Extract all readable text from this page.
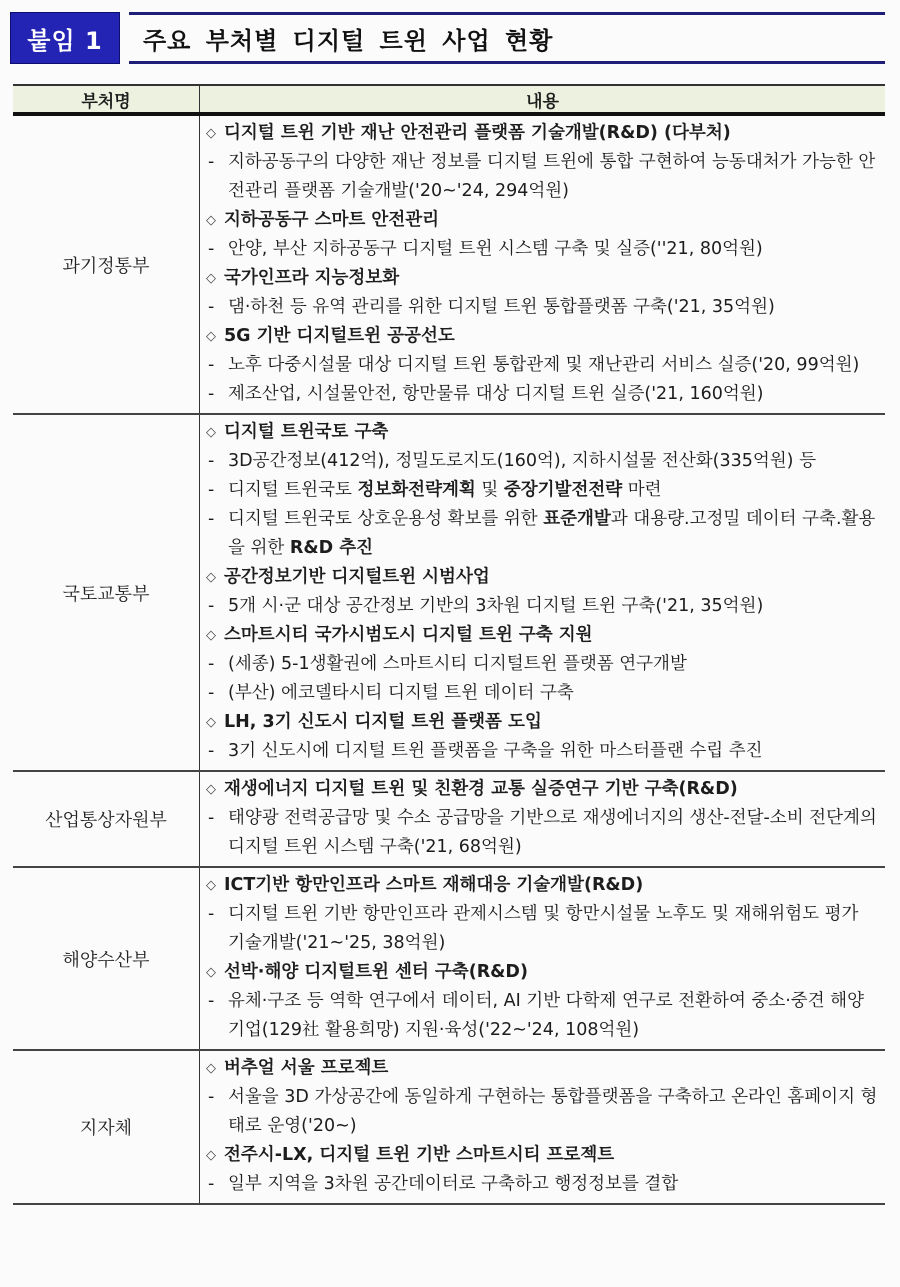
붙임 1	주요 부처별 디지털 트윈 사업 현황
부처명	내용
과기정통부	
◇ 디지털 트윈 기반 재난 안전관리 플랫폼 기술개발(R&D) (다부처)
- 지하공동구의 다양한 재난 정보를 디지털 트윈에 통합 구현하여 능동대처가 가능한 안전관리 플랫폼 기술개발('20~'24, 294억원)
◇ 지하공동구 스마트 안전관리
- 안양, 부산 지하공동구 디지털 트윈 시스템 구축 및 실증(''21, 80억원)
◇ 국가인프라 지능정보화
- 댐·하천 등 유역 관리를 위한 디지털 트윈 통합플랫폼 구축('21, 35억원)
◇ 5G 기반 디지털트윈 공공선도
- 노후 다중시설물 대상 디지털 트윈 통합관제 및 재난관리 서비스 실증('20, 99억원)
- 제조산업, 시설물안전, 항만물류 대상 디지털 트윈 실증('21, 160억원)

국토교통부	
◇ 디지털 트윈국토 구축
- 3D공간정보(412억), 정밀도로지도(160억), 지하시설물 전산화(335억원) 등
- 디지털 트윈국토 정보화전략계획 및 중장기발전전략 마련
- 디지털 트윈국토 상호운용성 확보를 위한 표준개발과 대용량.고정밀 데이터 구축.활용을 위한 R&D 추진
◇ 공간정보기반 디지털트윈 시범사업
- 5개 시·군 대상 공간정보 기반의 3차원 디지털 트윈 구축('21, 35억원)
◇ 스마트시티 국가시범도시 디지털 트윈 구축 지원
- (세종) 5-1생활권에 스마트시티 디지털트윈 플랫폼 연구개발
- (부산) 에코델타시티 디지털 트윈 데이터 구축
◇ LH, 3기 신도시 디지털 트윈 플랫폼 도입
- 3기 신도시에 디지털 트윈 플랫폼을 구축을 위한 마스터플랜 수립 추진

산업통상자원부	◇ 재생에너지 디지털 트윈 및 친환경 교통 실증연구 기반 구축(R&D)
- 태양광 전력공급망 및 수소 공급망을 기반으로 재생에너지의 생산-전달-소비 전단계의 디지털 트윈 시스템 구축('21, 68억원)

해양수산부	
◇ ICT기반 항만인프라 스마트 재해대응 기술개발(R&D)
- 디지털 트윈 기반 항만인프라 관제시스템 및 항만시설물 노후도 및 재해위험도 평가 기술개발('21~'25, 38억원)
◇ 선박·해양 디지털트윈 센터 구축(R&D)
- 유체·구조 등 역학 연구에서 데이터, AI 기반 다학제 연구로 전환하여 중소·중견 해양기업(129社 활용희망) 지원·육성('22~'24, 108억원)

지자체	
◇ 버추얼 서울 프로젝트
- 서울을 3D 가상공간에 동일하게 구현하는 통합플랫폼을 구축하고 온라인 홈페이지 형태로 운영('20~)
◇ 전주시-LX, 디지털 트윈 기반 스마트시티 프로젝트
- 일부 지역을 3차원 공간데이터로 구축하고 행정정보를 결합
